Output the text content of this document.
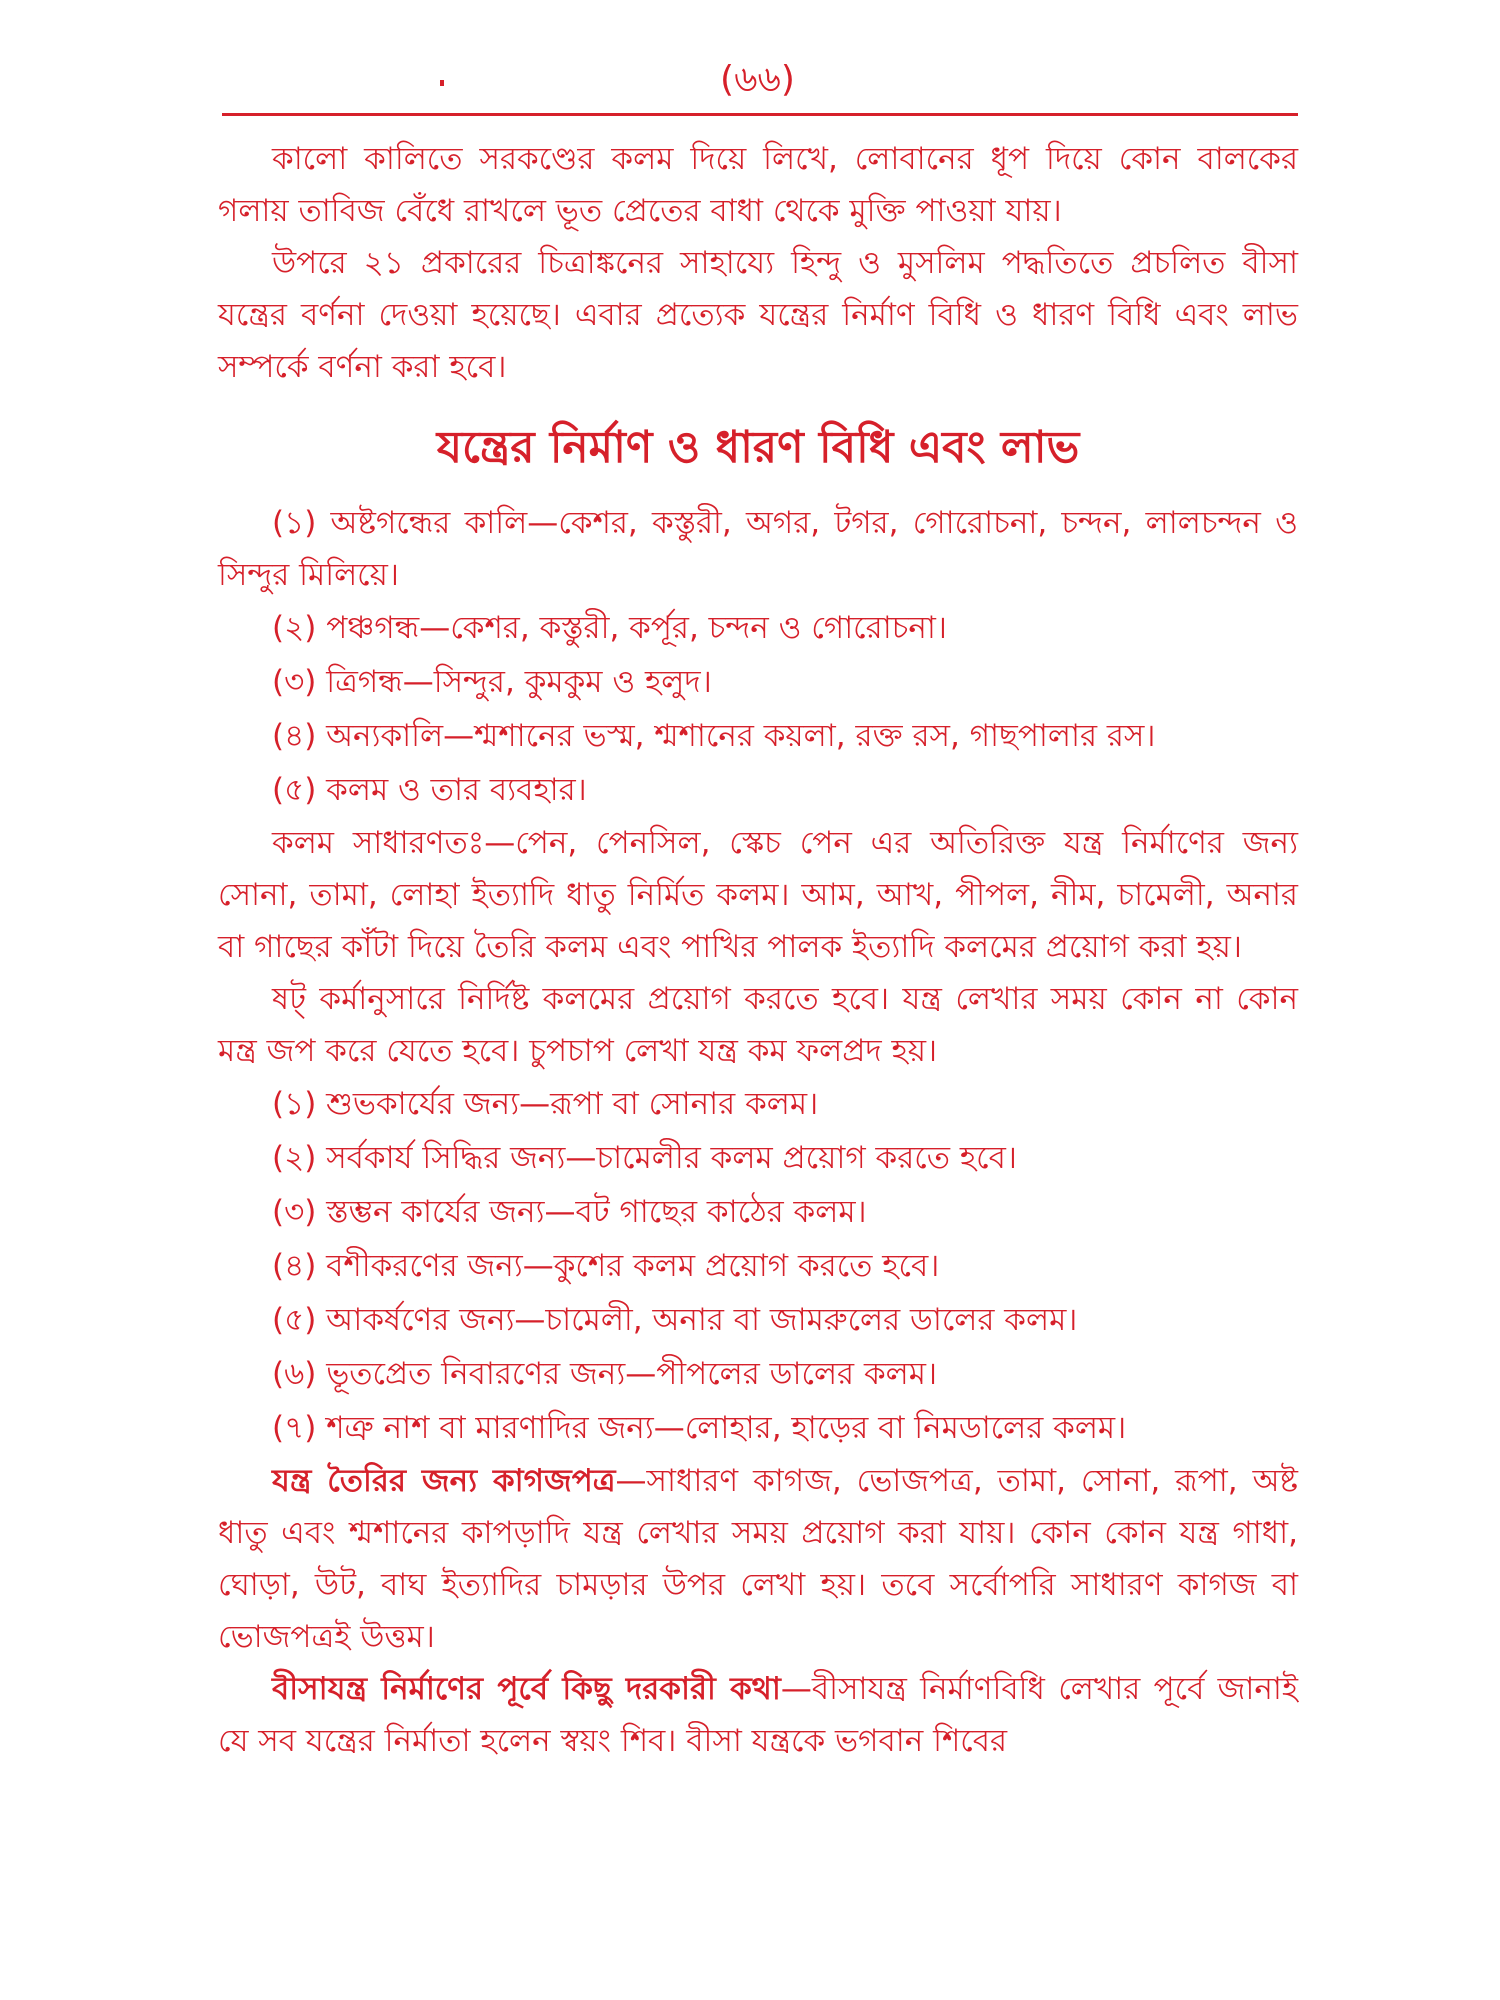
(৬৬)

কালো কালিতে সরকণ্ডের কলম দিয়ে লিখে, লোবানের ধূপ দিয়ে কোন বালকের গলায় তাবিজ বেঁধে রাখলে ভূত প্রেতের বাধা থেকে মুক্তি পাওয়া যায়।

উপরে ২১ প্রকারের চিত্রাঙ্কনের সাহায্যে হিন্দু ও মুসলিম পদ্ধতিতে প্রচলিত বীসা যন্ত্রের বর্ণনা দেওয়া হয়েছে। এবার প্রত্যেক যন্ত্রের নির্মাণ বিধি ও ধারণ বিধি এবং লাভ সম্পর্কে বর্ণনা করা হবে।

যন্ত্রের নির্মাণ ও ধারণ বিধি এবং লাভ

(১) অষ্টগন্ধের কালি—কেশর, কস্তুরী, অগর, টগর, গোরোচনা, চন্দন, লালচন্দন ও সিন্দুর মিলিয়ে।

(২) পঞ্চগন্ধ—কেশর, কস্তুরী, কর্পূর, চন্দন ও গোরোচনা।

(৩) ত্রিগন্ধ—সিন্দুর, কুমকুম ও হলুদ।

(৪) অন্যকালি—শ্মশানের ভস্ম, শ্মশানের কয়লা, রক্ত রস, গাছপালার রস।

(৫) কলম ও তার ব্যবহার।

কলম সাধারণতঃ—পেন, পেনসিল, স্কেচ পেন এর অতিরিক্ত যন্ত্র নির্মাণের জন্য সোনা, তামা, লোহা ইত্যাদি ধাতু নির্মিত কলম। আম, আখ, পীপল, নীম, চামেলী, অনার বা গাছের কাঁটা দিয়ে তৈরি কলম এবং পাখির পালক ইত্যাদি কলমের প্রয়োগ করা হয়।

ষট্ কর্মানুসারে নির্দিষ্ট কলমের প্রয়োগ করতে হবে। যন্ত্র লেখার সময় কোন না কোন মন্ত্র জপ করে যেতে হবে। চুপচাপ লেখা যন্ত্র কম ফলপ্রদ হয়।

(১) শুভকার্যের জন্য—রূপা বা সোনার কলম।

(২) সর্বকার্য সিদ্ধির জন্য—চামেলীর কলম প্রয়োগ করতে হবে।

(৩) স্তম্ভন কার্যের জন্য—বট গাছের কাঠের কলম।

(৪) বশীকরণের জন্য—কুশের কলম প্রয়োগ করতে হবে।

(৫) আকর্ষণের জন্য—চামেলী, অনার বা জামরুলের ডালের কলম।

(৬) ভূতপ্রেত নিবারণের জন্য—পীপলের ডালের কলম।

(৭) শত্রু নাশ বা মারণাদির জন্য—লোহার, হাড়ের বা নিমডালের কলম।

যন্ত্র তৈরির জন্য কাগজপত্র—সাধারণ কাগজ, ভোজপত্র, তামা, সোনা, রূপা, অষ্ট ধাতু এবং শ্মশানের কাপড়াদি যন্ত্র লেখার সময় প্রয়োগ করা যায়। কোন কোন যন্ত্র গাধা, ঘোড়া, উট, বাঘ ইত্যাদির চামড়ার উপর লেখা হয়। তবে সর্বোপরি সাধারণ কাগজ বা ভোজপত্রই উত্তম।

বীসাযন্ত্র নির্মাণের পূর্বে কিছু দরকারী কথা—বীসাযন্ত্র নির্মাণবিধি লেখার পূর্বে জানাই যে সব যন্ত্রের নির্মাতা হলেন স্বয়ং শিব। বীসা যন্ত্রকে ভগবান শিবের
